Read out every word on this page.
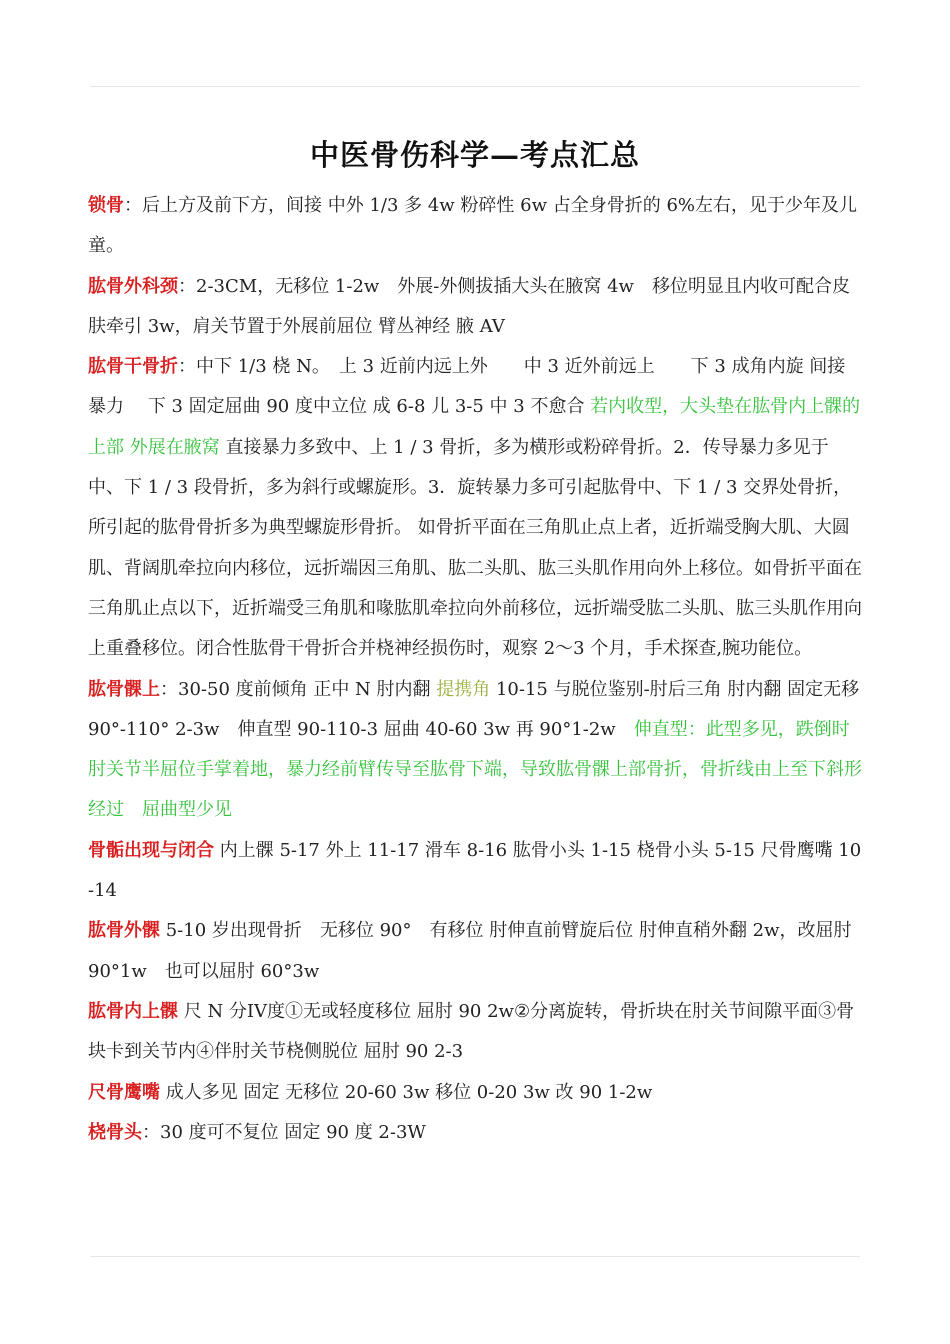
中医骨伤科学—考点汇总

锁骨：后上方及前下方，间接 中外 1/3 多 4w 粉碎性 6w 占全身骨折的 6%左右，见于少年及儿童。

肱骨外科颈：2-3CM，无移位 1-2w　外展-外侧拔插大头在腋窝 4w　移位明显且内收可配合皮肤牵引 3w，肩关节置于外展前屈位 臂丛神经 腋 AV

肱骨干骨折：中下 1/3 桡 N。　上 3 近前内远上外　　中 3 近外前远上　　下 3 成角内旋 间接暴力　 下 3 固定屈曲 90 度中立位 成 6-8 儿 3-5 中 3 不愈合 若内收型，大头垫在肱骨内上髁的上部 外展在腋窝 直接暴力多致中、上 1 / 3 骨折，多为横形或粉碎骨折。2．传导暴力多见于中、下 1 / 3 段骨折，多为斜行或螺旋形。3．旋转暴力多可引起肱骨中、下 1 / 3 交界处骨折，所引起的肱骨骨折多为典型螺旋形骨折。 如骨折平面在三角肌止点上者，近折端受胸大肌、大圆肌、背阔肌牵拉向内移位，远折端因三角肌、肱二头肌、肱三头肌作用向外上移位。如骨折平面在三角肌止点以下，近折端受三角肌和喙肱肌牵拉向外前移位，远折端受肱二头肌、肱三头肌作用向上重叠移位。闭合性肱骨干骨折合并桡神经损伤时，观察 2～3 个月，手术探查,腕功能位。

肱骨髁上：30-50 度前倾角 正中 N 肘内翻 提携角 10-15 与脱位鉴别-肘后三角 肘内翻 固定无移 90°-110° 2-3w　伸直型 90-110-3 屈曲 40-60 3w 再 90°1-2w　伸直型：此型多见，跌倒时肘关节半屈位手掌着地，暴力经前臂传导至肱骨下端，导致肱骨髁上部骨折，骨折线由上至下斜形经过　屈曲型少见

骨骺出现与闭合 内上髁 5-17 外上 11-17 滑车 8-16 肱骨小头 1-15 桡骨小头 5-15 尺骨鹰嘴 10-14

肱骨外髁 5-10 岁出现骨折　无移位 90°　有移位 肘伸直前臂旋后位 肘伸直稍外翻 2w，改屈肘 90°1w　也可以屈肘 60°3w

肱骨内上髁 尺 N 分IV度①无或轻度移位 屈肘 90 2w②分离旋转，骨折块在肘关节间隙平面③骨块卡到关节内④伴肘关节桡侧脱位 屈肘 90 2-3

尺骨鹰嘴 成人多见 固定 无移位 20-60 3w 移位 0-20 3w 改 90 1-2w

桡骨头：30 度可不复位 固定 90 度 2-3W
